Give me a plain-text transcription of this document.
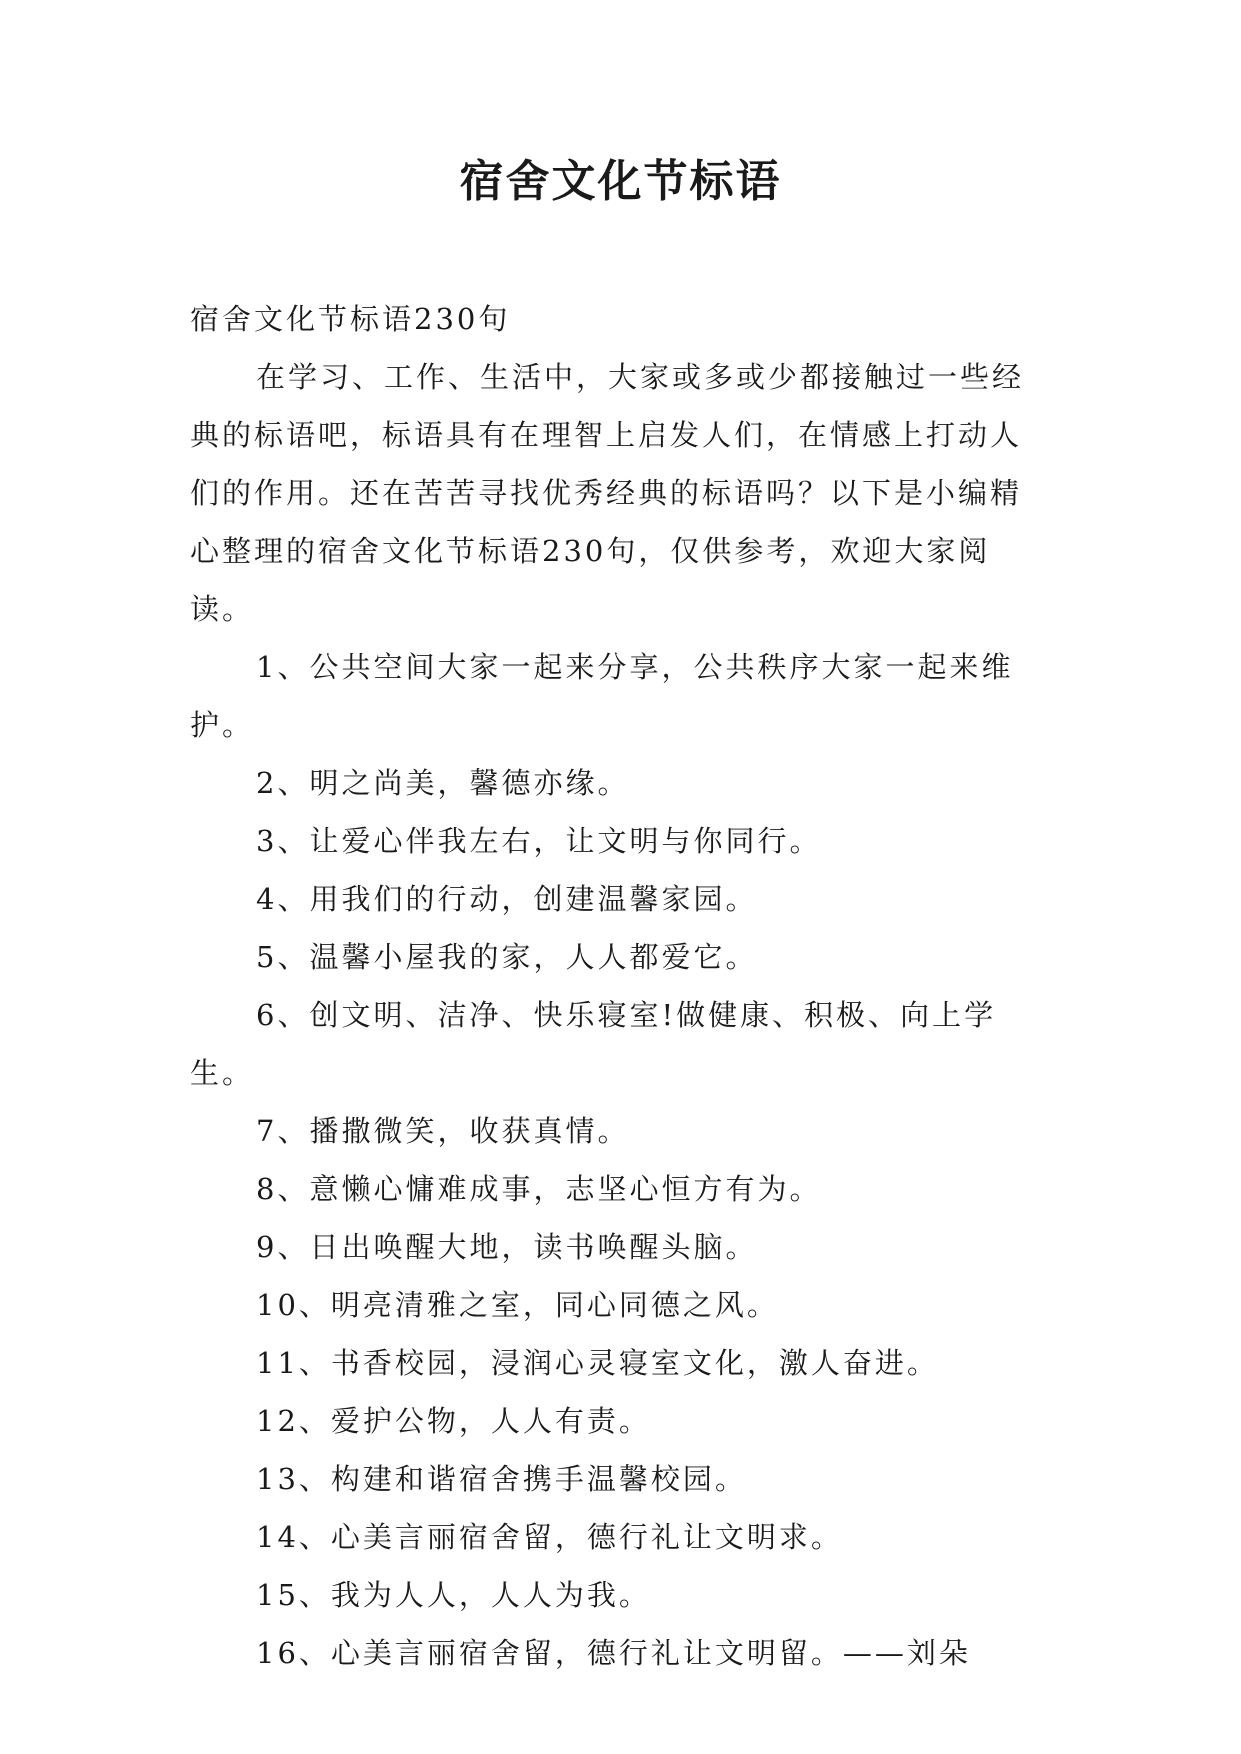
宿舍文化节标语

宿舍文化节标语230句

在学习、工作、生活中，大家或多或少都接触过一些经典的标语吧，标语具有在理智上启发人们，在情感上打动人们的作用。还在苦苦寻找优秀经典的标语吗？以下是小编精心整理的宿舍文化节标语230句，仅供参考，欢迎大家阅读。

1、公共空间大家一起来分享，公共秩序大家一起来维护。
2、明之尚美，馨德亦缘。
3、让爱心伴我左右，让文明与你同行。
4、用我们的行动，创建温馨家园。
5、温馨小屋我的家，人人都爱它。
6、创文明、洁净、快乐寝室!做健康、积极、向上学生。
7、播撒微笑，收获真情。
8、意懒心慵难成事，志坚心恒方有为。
9、日出唤醒大地，读书唤醒头脑。
10、明亮清雅之室，同心同德之风。
11、书香校园，浸润心灵寝室文化，激人奋进。
12、爱护公物，人人有责。
13、构建和谐宿舍携手温馨校园。
14、心美言丽宿舍留，德行礼让文明求。
15、我为人人，人人为我。
16、心美言丽宿舍留，德行礼让文明留。——刘朵
